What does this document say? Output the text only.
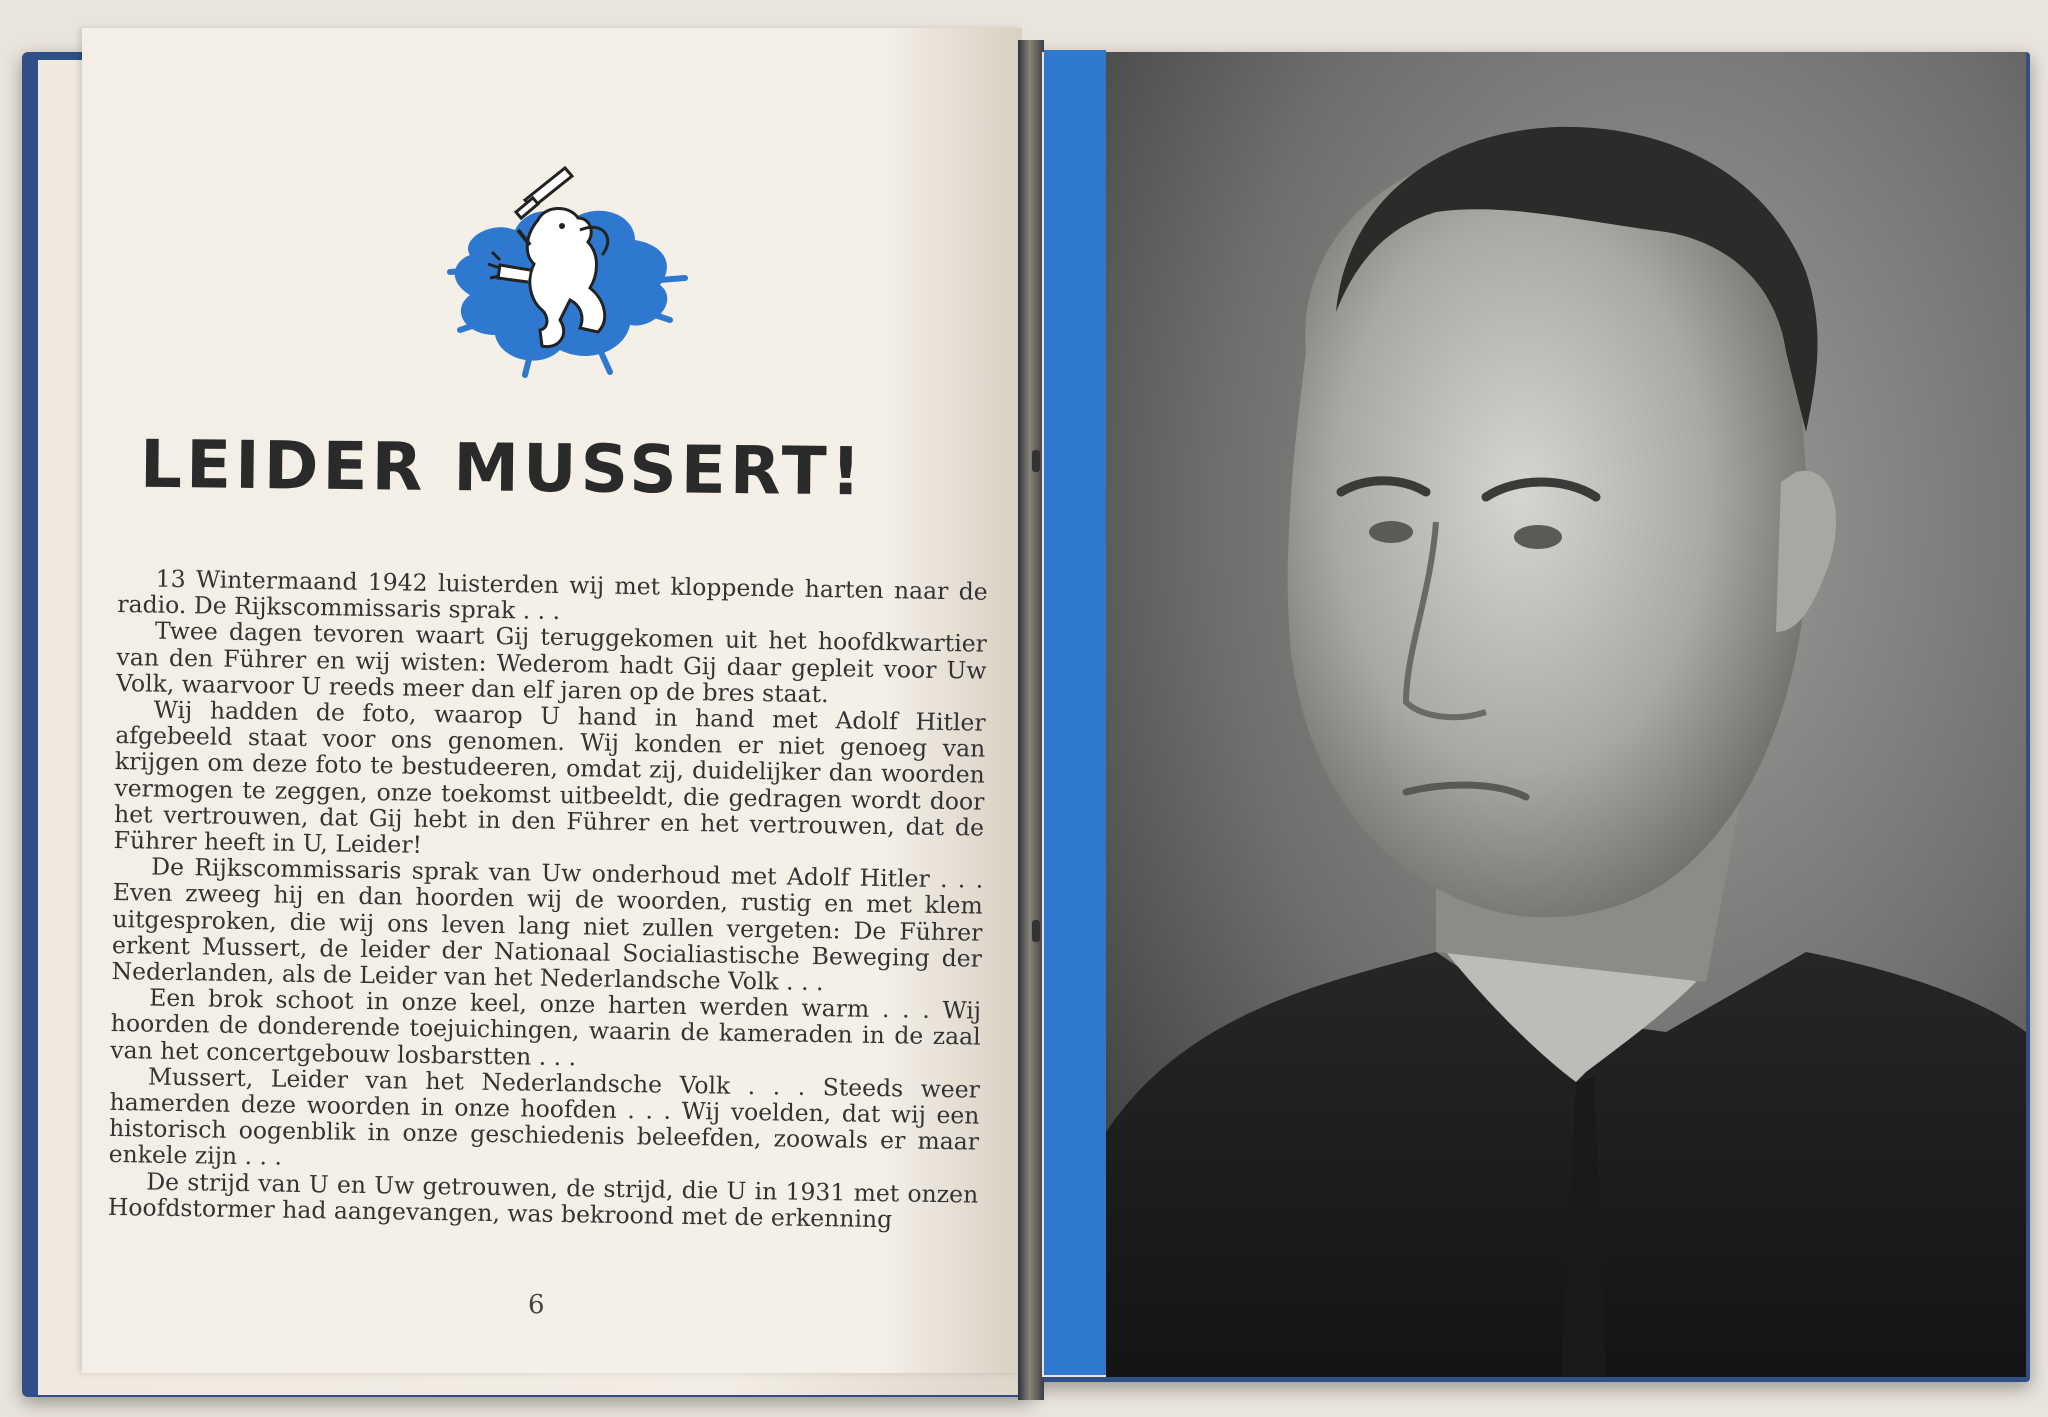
LEIDER MUSSERT!

13 Wintermaand 1942 luisterden wij met kloppende harten naar de radio. De Rijkscommissaris sprak . . .

Twee dagen tevoren waart Gij teruggekomen uit het hoofdkwartier van den Führer en wij wisten: Wederom hadt Gij daar gepleit voor Uw Volk, waarvoor U reeds meer dan elf jaren op de bres staat.

Wij hadden de foto, waarop U hand in hand met Adolf Hitler afgebeeld staat voor ons genomen. Wij konden er niet genoeg van krijgen om deze foto te bestudeeren, omdat zij, duidelijker dan woorden vermogen te zeggen, onze toekomst uitbeeldt, die gedragen wordt door het vertrouwen, dat Gij hebt in den Führer en het vertrouwen, dat de Führer heeft in U, Leider!

De Rijkscommissaris sprak van Uw onderhoud met Adolf Hitler . . . Even zweeg hij en dan hoorden wij de woorden, rustig en met klem uitgesproken, die wij ons leven lang niet zullen vergeten: De Führer erkent Mussert, de leider der Nationaal Socialiastische Beweging der Nederlanden, als de Leider van het Nederlandsche Volk . . .

Een brok schoot in onze keel, onze harten werden warm . . . Wij hoorden de donderende toejuichingen, waarin de kameraden in de zaal van het concertgebouw losbarstten . . .

Mussert, Leider van het Nederlandsche Volk . . . Steeds weer hamerden deze woorden in onze hoofden . . . Wij voelden, dat wij een historisch oogenblik in onze geschiedenis beleefden, zoowals er maar enkele zijn . . .

De strijd van U en Uw getrouwen, de strijd, die U in 1931 met onzen Hoofdstormer had aangevangen, was bekroond met de erkenning

6
